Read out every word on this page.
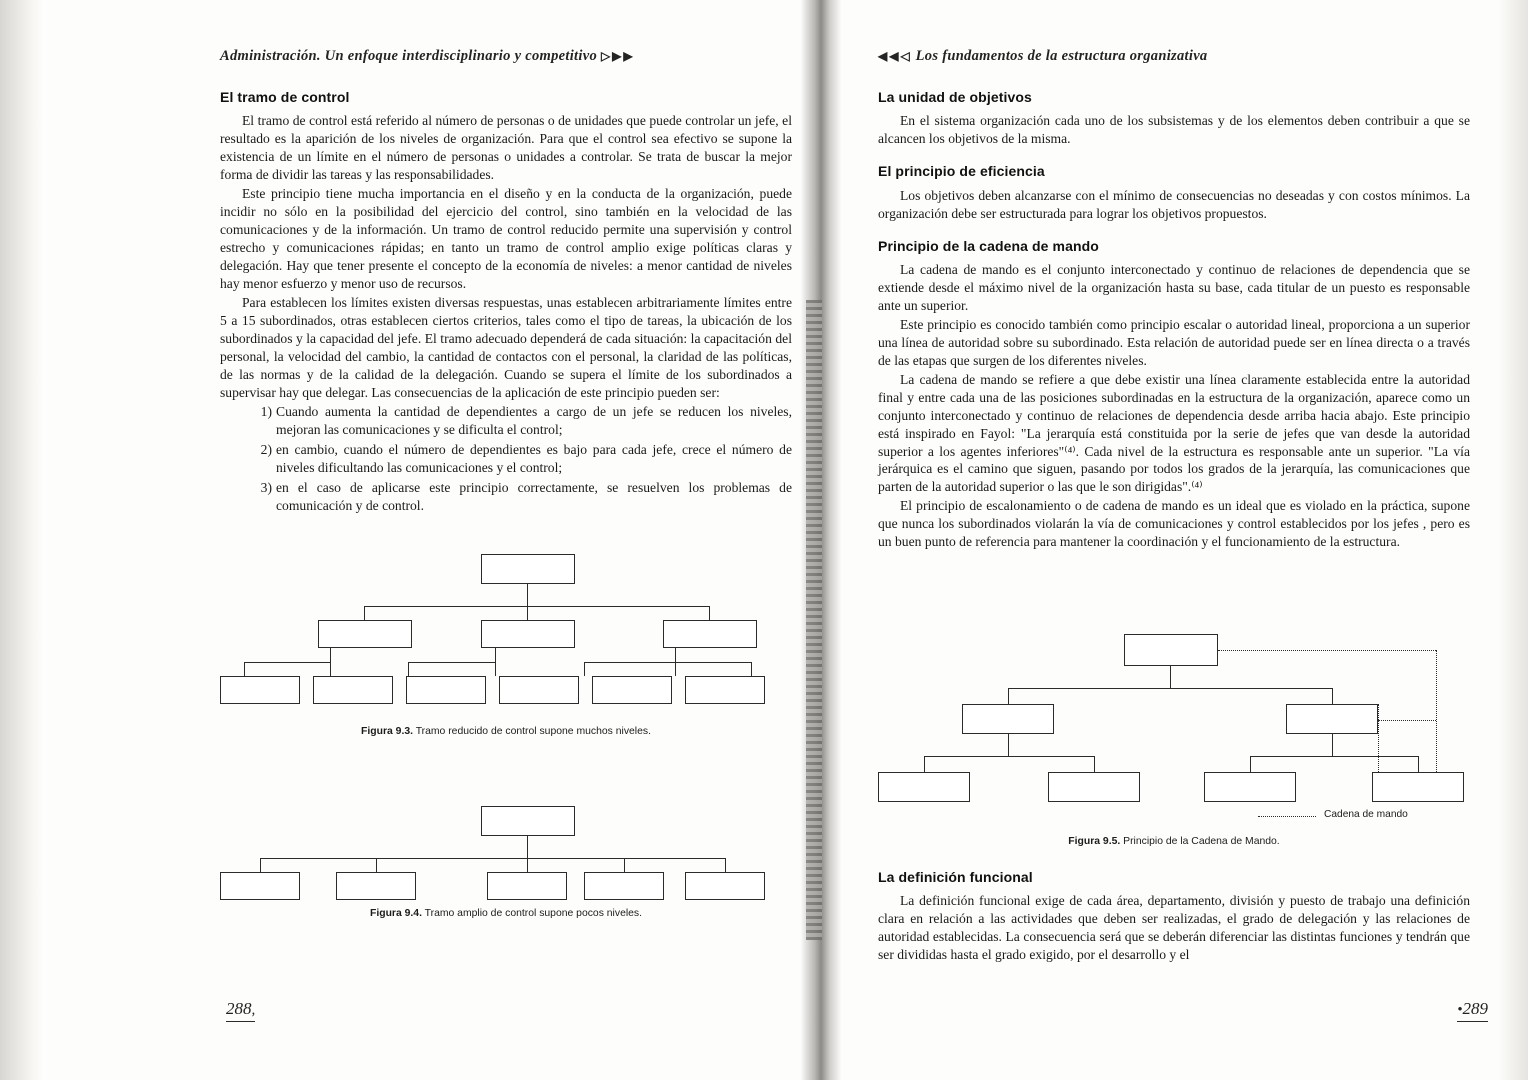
Administración. Un enfoque interdisciplinario y competitivo ▷▶▶
El tramo de control

El tramo de control está referido al número de personas o de unidades que puede controlar un jefe, el resultado es la aparición de los niveles de organización. Para que el control sea efectivo se supone la existencia de un límite en el número de personas o unidades a controlar. Se trata de buscar la mejor forma de dividir las tareas y las responsabilidades.

Este principio tiene mucha importancia en el diseño y en la conducta de la organización, puede incidir no sólo en la posibilidad del ejercicio del control, sino también en la velocidad de las comunicaciones y de la información. Un tramo de control reducido permite una supervisión y control estrecho y comunicaciones rápidas; en tanto un tramo de control amplio exige políticas claras y delegación. Hay que tener presente el concepto de la economía de niveles: a menor cantidad de niveles hay menor esfuerzo y menor uso de recursos.

Para establecen los límites existen diversas respuestas, unas establecen arbitrariamente límites entre 5 a 15 subordinados, otras establecen ciertos criterios, tales como el tipo de tareas, la ubicación de los subordinados y la capacidad del jefe. El tramo adecuado dependerá de cada situación: la capacitación del personal, la velocidad del cambio, la cantidad de contactos con el personal, la claridad de las políticas, de las normas y de la calidad de la delegación. Cuando se supera el límite de los subordinados a supervisar hay que delegar. Las consecuencias de la aplicación de este principio pueden ser:

1) Cuando aumenta la cantidad de dependientes a cargo de un jefe se reducen los niveles, mejoran las comunicaciones y se dificulta el control;
2) en cambio, cuando el número de dependientes es bajo para cada jefe, crece el número de niveles dificultando las comunicaciones y el control;
3) en el caso de aplicarse este principio correctamente, se resuelven los problemas de comunicación y de control.
Figura 9.3. Tramo reducido de control supone muchos niveles.
Figura 9.4. Tramo amplio de control supone pocos niveles.
288,
◀◀◁ Los fundamentos de la estructura organizativa
La unidad de objetivos

En el sistema organización cada uno de los subsistemas y de los elementos deben contribuir a que se alcancen los objetivos de la misma.

El principio de eficiencia

Los objetivos deben alcanzarse con el mínimo de consecuencias no deseadas y con costos mínimos. La organización debe ser estructurada para lograr los objetivos propuestos.

Principio de la cadena de mando

La cadena de mando es el conjunto interconectado y continuo de relaciones de dependencia que se extiende desde el máximo nivel de la organización hasta su base, cada titular de un puesto es responsable ante un superior.

Este principio es conocido también como principio escalar o autoridad lineal, proporciona a un superior una línea de autoridad sobre su subordinado. Esta relación de autoridad puede ser en línea directa o a través de las etapas que surgen de los diferentes niveles.

La cadena de mando se refiere a que debe existir una línea claramente establecida entre la autoridad final y entre cada una de las posiciones subordinadas en la estructura de la organización, aparece como un conjunto interconectado y continuo de relaciones de dependencia desde arriba hacia abajo. Este principio está inspirado en Fayol: "La jerarquía está constituida por la serie de jefes que van desde la autoridad superior a los agentes inferiores"⁽⁴⁾. Cada nivel de la estructura es responsable ante un superior. "La vía jerárquica es el camino que siguen, pasando por todos los grados de la jerarquía, las comunicaciones que parten de la autoridad superior o las que le son dirigidas".⁽⁴⁾

El principio de escalonamiento o de cadena de mando es un ideal que es violado en la práctica, supone que nunca los subordinados violarán la vía de comunicaciones y control establecidos por los jefes , pero es un buen punto de referencia para mantener la coordinación y el funcionamiento de la estructura.

Cadena de mando
Figura 9.5. Principio de la Cadena de Mando.
La definición funcional

La definición funcional exige de cada área, departamento, división y puesto de trabajo una definición clara en relación a las actividades que deben ser realizadas, el grado de delegación y las relaciones de autoridad establecidas. La consecuencia será que se deberán diferenciar las distintas funciones y tendrán que ser divididas hasta el grado exigido, por el desarrollo y el

•289
